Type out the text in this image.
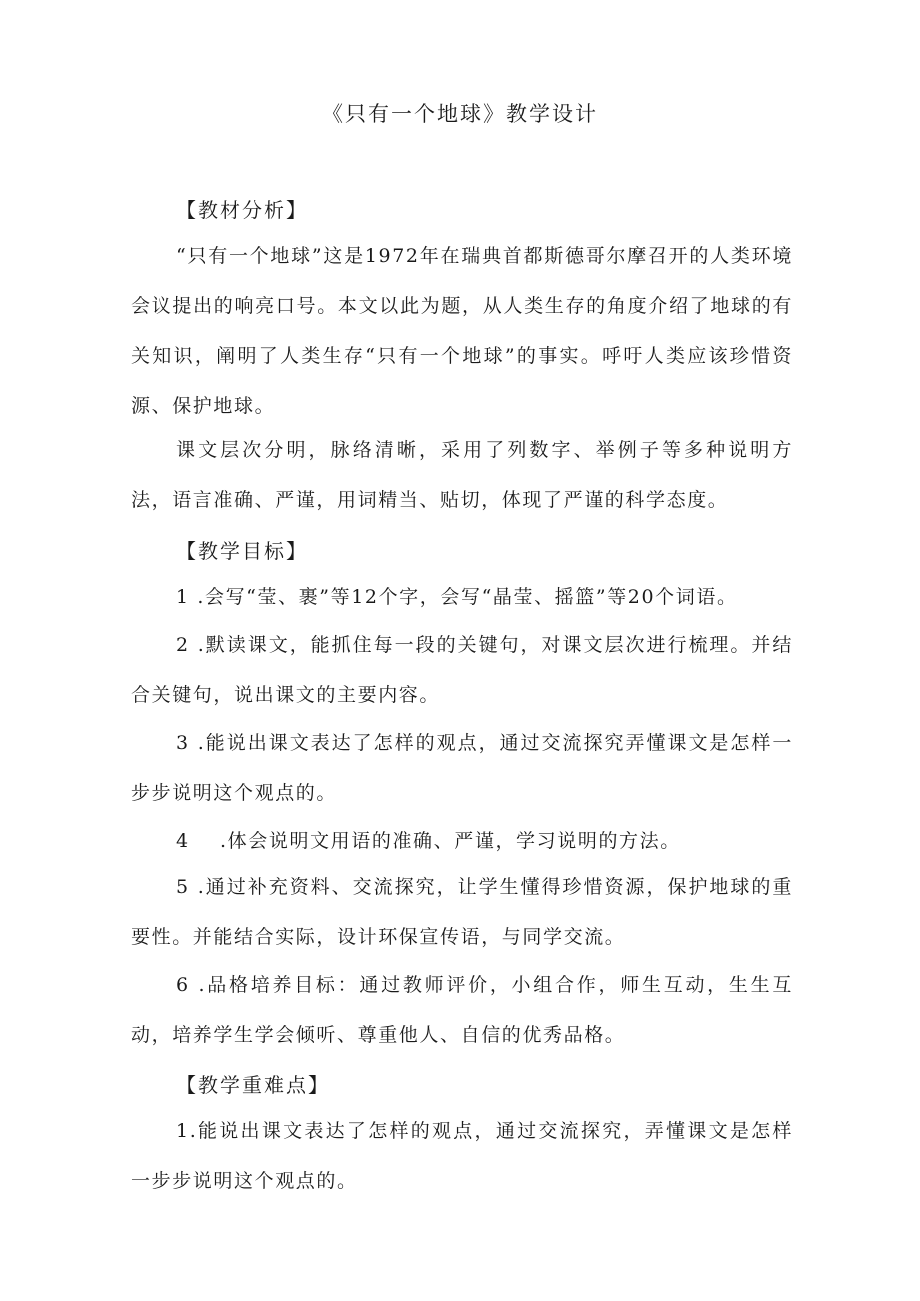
《只有一个地球》教学设计
【教材分析】
“只有一个地球”这是1972年在瑞典首都斯德哥尔摩召开的人类环境会议提出的响亮口号。本文以此为题，从人类生存的角度介绍了地球的有关知识，阐明了人类生存“只有一个地球”的事实。呼吁人类应该珍惜资源、保护地球。
课文层次分明，脉络清晰，采用了列数字、举例子等多种说明方法，语言准确、严谨，用词精当、贴切，体现了严谨的科学态度。
【教学目标】
1 .会写“莹、裹”等12个字，会写“晶莹、摇篮”等20个词语。
2 .默读课文，能抓住每一段的关键句，对课文层次进行梳理。并结合关键句，说出课文的主要内容。
3 .能说出课文表达了怎样的观点，通过交流探究弄懂课文是怎样一步步说明这个观点的。
4 .体会说明文用语的准确、严谨，学习说明的方法。
5 .通过补充资料、交流探究，让学生懂得珍惜资源，保护地球的重要性。并能结合实际，设计环保宣传语，与同学交流。
6 .品格培养目标：通过教师评价，小组合作，师生互动，生生互动，培养学生学会倾听、尊重他人、自信的优秀品格。
【教学重难点】
1.能说出课文表达了怎样的观点，通过交流探究，弄懂课文是怎样一步步说明这个观点的。
